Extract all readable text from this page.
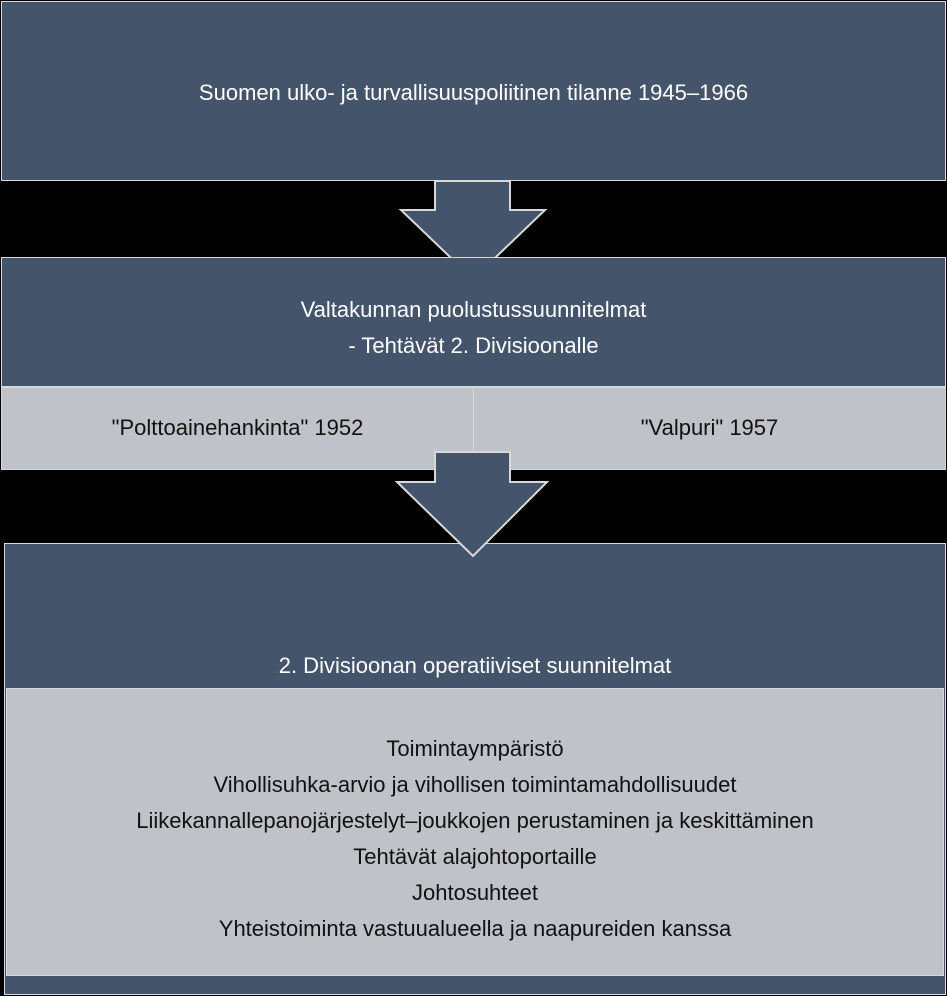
Suomen ulko- ja turvallisuuspoliitinen tilanne 1945–1966
Valtakunnan puolustussuunnitelmat
- Tehtävät 2. Divisioonalle
"Polttoainehankinta" 1952	"Valpuri" 1957
2. Divisioonan operatiiviset suunnitelmat
Toimintaympäristö
Vihollisuhka-arvio ja vihollisen toimintamahdollisuudet
Liikekannallepanojärjestelyt–joukkojen perustaminen ja keskittäminen
Tehtävät alajohtoportaille
Johtosuhteet
Yhteistoiminta vastuualueella ja naapureiden kanssa
